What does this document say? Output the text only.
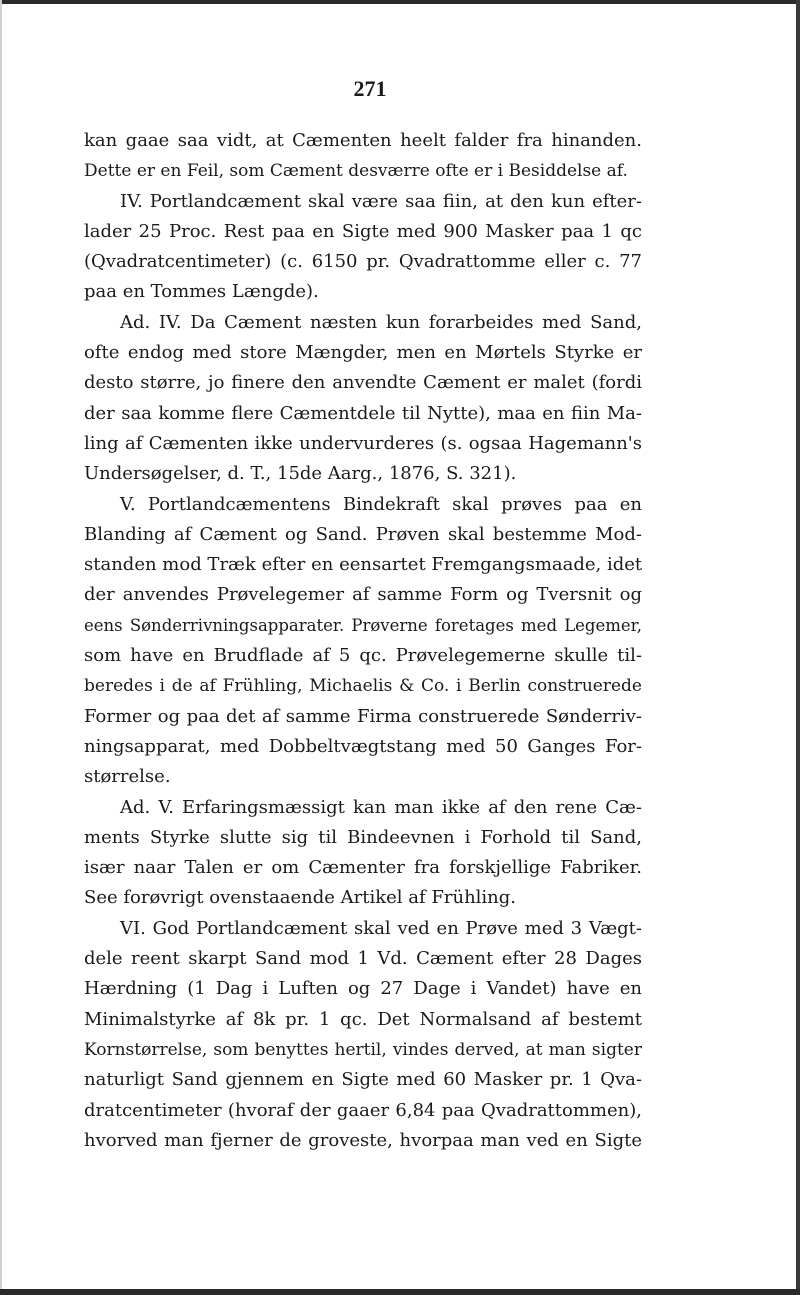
271
kan gaae saa vidt, at Cæmenten heelt falder fra hinanden.
Dette er en Feil, som Cæment desværre ofte er i Besiddelse af.
IV. Portlandcæment skal være saa fiin, at den kun efter-
lader 25 Proc. Rest paa en Sigte med 900 Masker paa 1 qc
(Qvadratcentimeter) (c. 6150 pr. Qvadrattomme eller c. 77
paa en Tommes Længde).
Ad. IV. Da Cæment næsten kun forarbeides med Sand,
ofte endog med store Mængder, men en Mørtels Styrke er
desto større, jo finere den anvendte Cæment er malet (fordi
der saa komme flere Cæmentdele til Nytte), maa en fiin Ma-
ling af Cæmenten ikke undervurderes (s. ogsaa Hagemann's
Undersøgelser, d. T., 15de Aarg., 1876, S. 321).
V. Portlandcæmentens Bindekraft skal prøves paa en
Blanding af Cæment og Sand. Prøven skal bestemme Mod-
standen mod Træk efter en eensartet Fremgangsmaade, idet
der anvendes Prøvelegemer af samme Form og Tversnit og
eens Sønderrivningsapparater. Prøverne foretages med Legemer,
som have en Brudflade af 5 qc. Prøvelegemerne skulle til-
beredes i de af Frühling, Michaelis & Co. i Berlin construerede
Former og paa det af samme Firma construerede Sønderriv-
ningsapparat, med Dobbeltvægtstang med 50 Ganges For-
størrelse.
Ad. V. Erfaringsmæssigt kan man ikke af den rene Cæ-
ments Styrke slutte sig til Bindeevnen i Forhold til Sand,
især naar Talen er om Cæmenter fra forskjellige Fabriker.
See forøvrigt ovenstaaende Artikel af Frühling.
VI. God Portlandcæment skal ved en Prøve med 3 Vægt-
dele reent skarpt Sand mod 1 Vd. Cæment efter 28 Dages
Hærdning (1 Dag i Luften og 27 Dage i Vandet) have en
Minimalstyrke af 8k pr. 1 qc. Det Normalsand af bestemt
Kornstørrelse, som benyttes hertil, vindes derved, at man sigter
naturligt Sand gjennem en Sigte med 60 Masker pr. 1 Qva-
dratcentimeter (hvoraf der gaaer 6,84 paa Qvadrattommen),
hvorved man fjerner de groveste, hvorpaa man ved en Sigte
